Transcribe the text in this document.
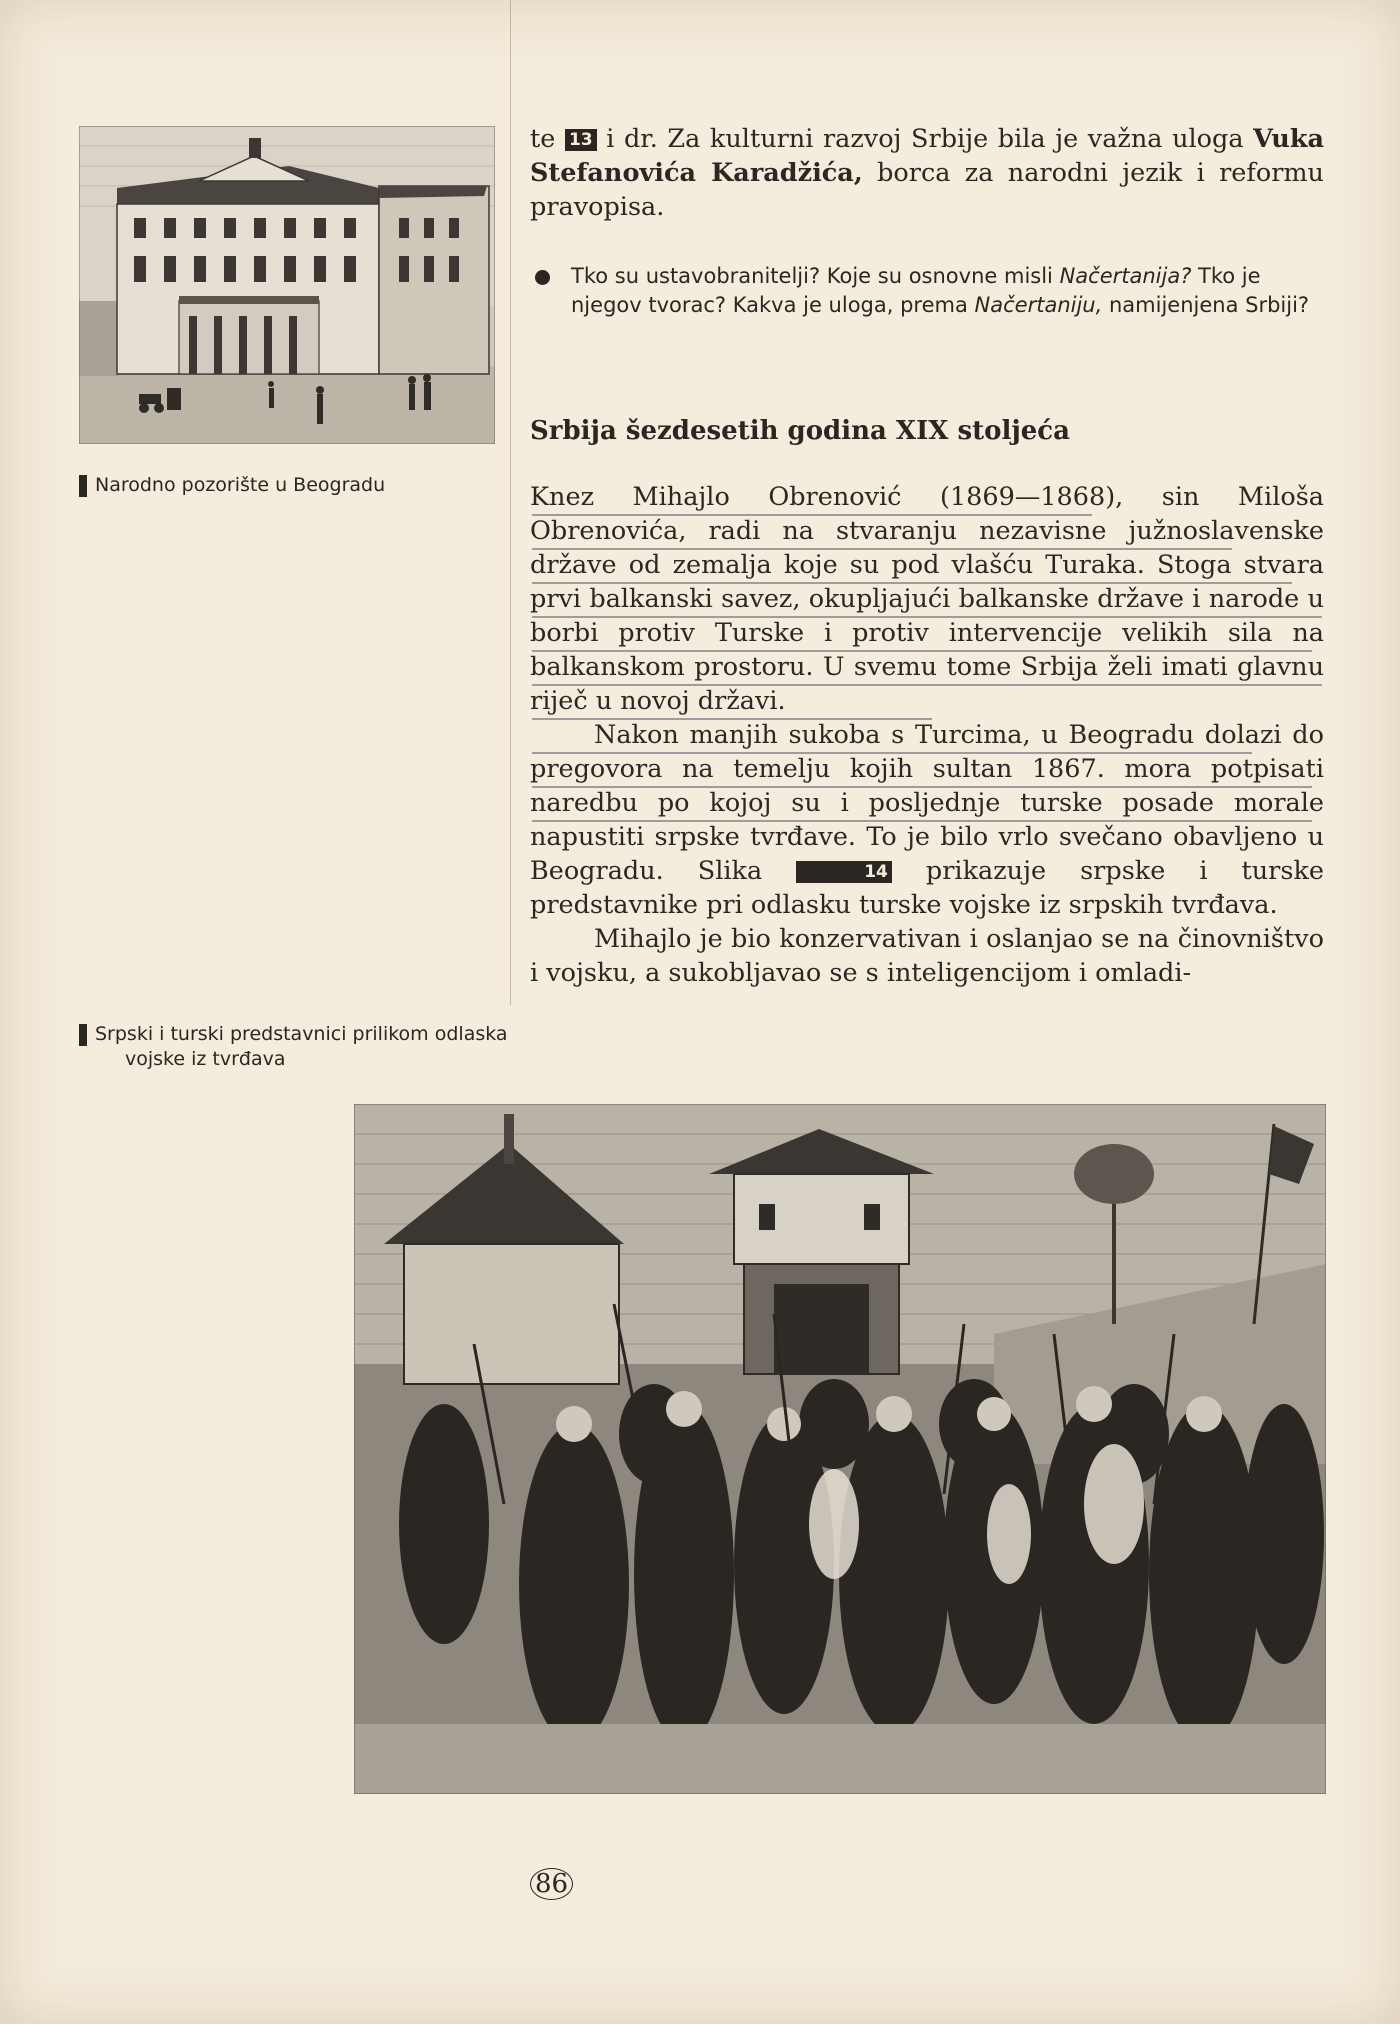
13 Narodno pozorište u Beogradu
14 Srpski i turski predstavnici prilikom odlaska vojske iz tvrđava
te 13 i dr. Za kulturni razvoj Srbije bila je važna uloga Vuka Stefanovića Karadžića, borca za narodni jezik i reformu pravopisa.
Tko su ustavobranitelji? Koje su osnovne misli Načertanija? Tko je njegov tvorac? Kakva je uloga, prema Načertaniju, namijenjena Srbiji?
Srbija šezdesetih godina XIX stoljeća

Knez Mihajlo Obrenović (1869—1868), sin Miloša Obrenovića, radi na stvaranju nezavisne južnoslavenske države od zemalja koje su pod vlašću Turaka. Stoga stvara prvi balkanski savez, okupljajući balkanske države i narode u borbi protiv Turske i protiv intervencije velikih sila na balkanskom prostoru. U svemu tome Srbija želi imati glavnu riječ u novoj državi.

Nakon manjih sukoba s Turcima, u Beogradu dolazi do pregovora na temelju kojih sultan 1867. mora potpisati naredbu po kojoj su i posljednje turske posade morale napustiti srpske tvrđave. To je bilo vrlo svečano obavljeno u Beogradu. Slika	14 prikazuje srpske i turske predstavnike pri odlasku turske vojske iz srpskih tvrđava.

Mihajlo je bio konzervativan i oslanjao se na činovništvo i vojsku, a sukobljavao se s inteligencijom i omladi-

86
